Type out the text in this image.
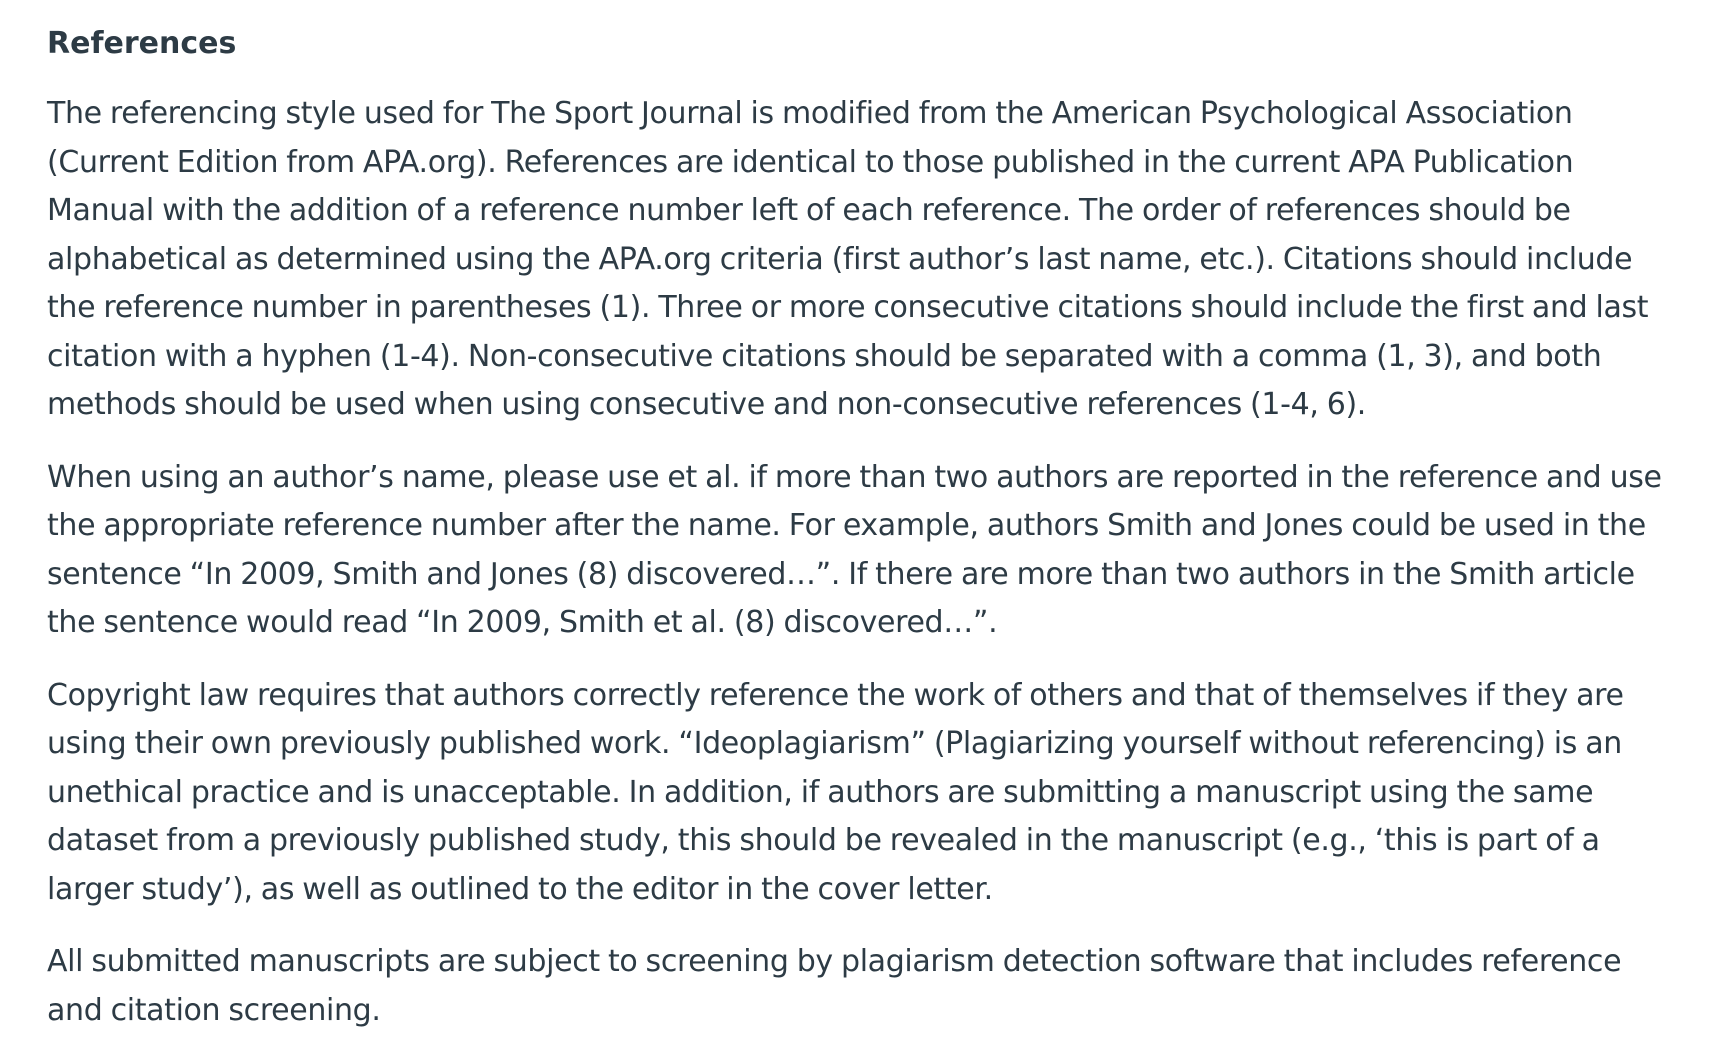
References

The referencing style used for The Sport Journal is modified from the American Psychological Association (Current Edition from APA.org). References are identical to those published in the current APA Publication Manual with the addition of a reference number left of each reference. The order of references should be alphabetical as determined using the APA.org criteria (first author’s last name, etc.). Citations should include the reference number in parentheses (1). Three or more consecutive citations should include the first and last citation with a hyphen (1-4). Non-consecutive citations should be separated with a comma (1, 3), and both methods should be used when using consecutive and non-consecutive references (1-4, 6).

When using an author’s name, please use et al. if more than two authors are reported in the reference and use the appropriate reference number after the name. For example, authors Smith and Jones could be used in the sentence “In 2009, Smith and Jones (8) discovered…”. If there are more than two authors in the Smith article the sentence would read “In 2009, Smith et al. (8) discovered…”.

Copyright law requires that authors correctly reference the work of others and that of themselves if they are using their own previously published work. “Ideoplagiarism” (Plagiarizing yourself without referencing) is an unethical practice and is unacceptable. In addition, if authors are submitting a manuscript using the same dataset from a previously published study, this should be revealed in the manuscript (e.g., ‘this is part of a larger study’), as well as outlined to the editor in the cover letter.

All submitted manuscripts are subject to screening by plagiarism detection software that includes reference and citation screening.
